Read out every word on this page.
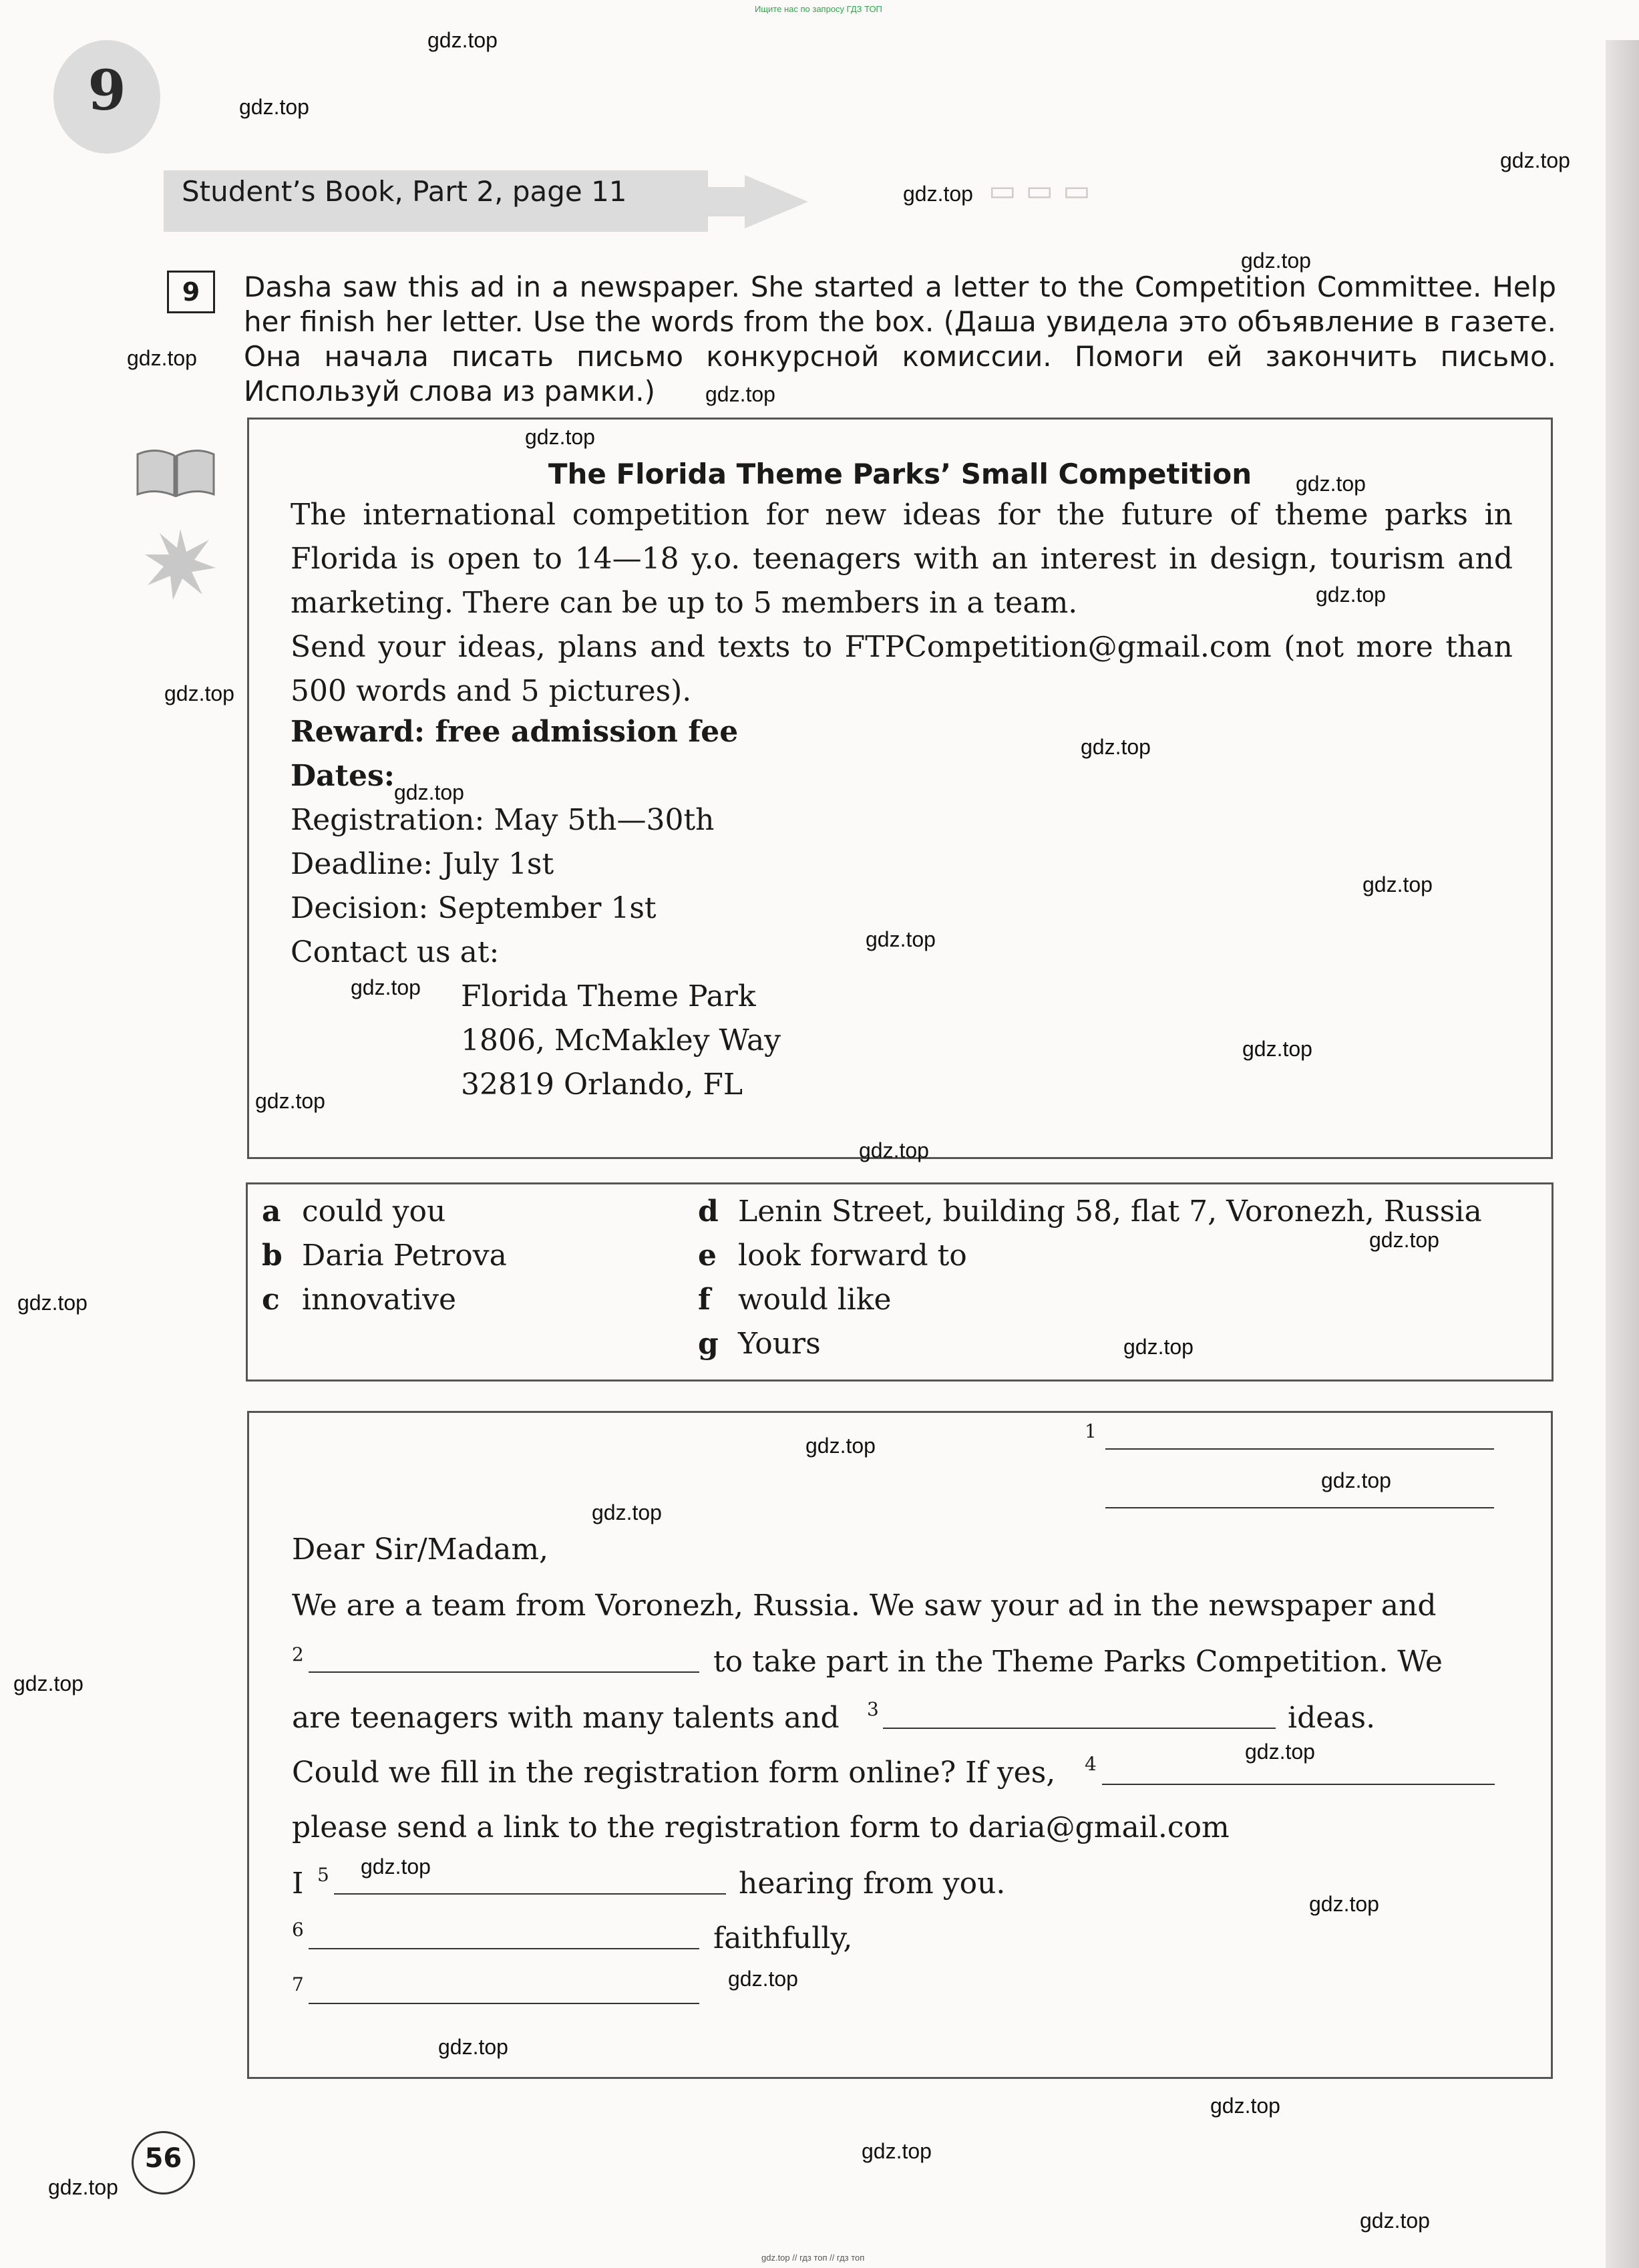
Ищите нас по запросу ГДЗ ТОП
▭ ▭ ▭
9
Student’s Book, Part 2, page 11
9	Dasha saw this ad in a newspaper. She started a letter to the Competition Committee. Help her finish her letter. Use the words from the box. (Даша увидела это объявление в газете. Она начала писать письмо конкурсной комиссии. Помоги ей закончить письмо. Используй слова из рамки.)
The Florida Theme Parks’ Small Competition
The international competition for new ideas for the future of theme parks in Florida is open to 14—18 y.o. teenagers with an interest in design, tourism and marketing. There can be up to 5 members in a team.
Send your ideas, plans and texts to FTPCompetition@gmail.com (not more than 500 words and 5 pictures).
Reward: free admission fee
Dates:
Registration: May 5th—30th
Deadline: July 1st
Decision: September 1st
Contact us at:
Florida Theme Park
1806, McMakley Way
32819 Orlando, FL
a could you
b Daria Petrova
c innovative
d Lenin Street, building 58, flat 7, Voronezh, Russia
e look forward to
f would like
g Yours
1
Dear Sir/Madam,
We are a team from Voronezh, Russia. We saw your ad in the newspaper and
2	to take part in the Theme Parks Competition. We
are teenagers with many talents and 3	ideas.
Could we fill in the registration form online? If yes, 4
please send a link to the registration form to daria@gmail.com
I 5	hearing from you.
6	faithfully,
7
56
gdz.top
gdz.top
gdz.top
gdz.top
gdz.top
gdz.top
gdz.top
gdz.top
gdz.top
gdz.top
gdz.top
gdz.top
gdz.top
gdz.top
gdz.top
gdz.top
gdz.top
gdz.top
gdz.top
gdz.top
gdz.top
gdz.top
gdz.top
gdz.top
gdz.top
gdz.top
gdz.top
gdz.top
gdz.top
gdz.top
gdz.top
gdz.top
gdz.top
gdz.top
gdz.top
gdz.top // гдз топ // гдз топ
